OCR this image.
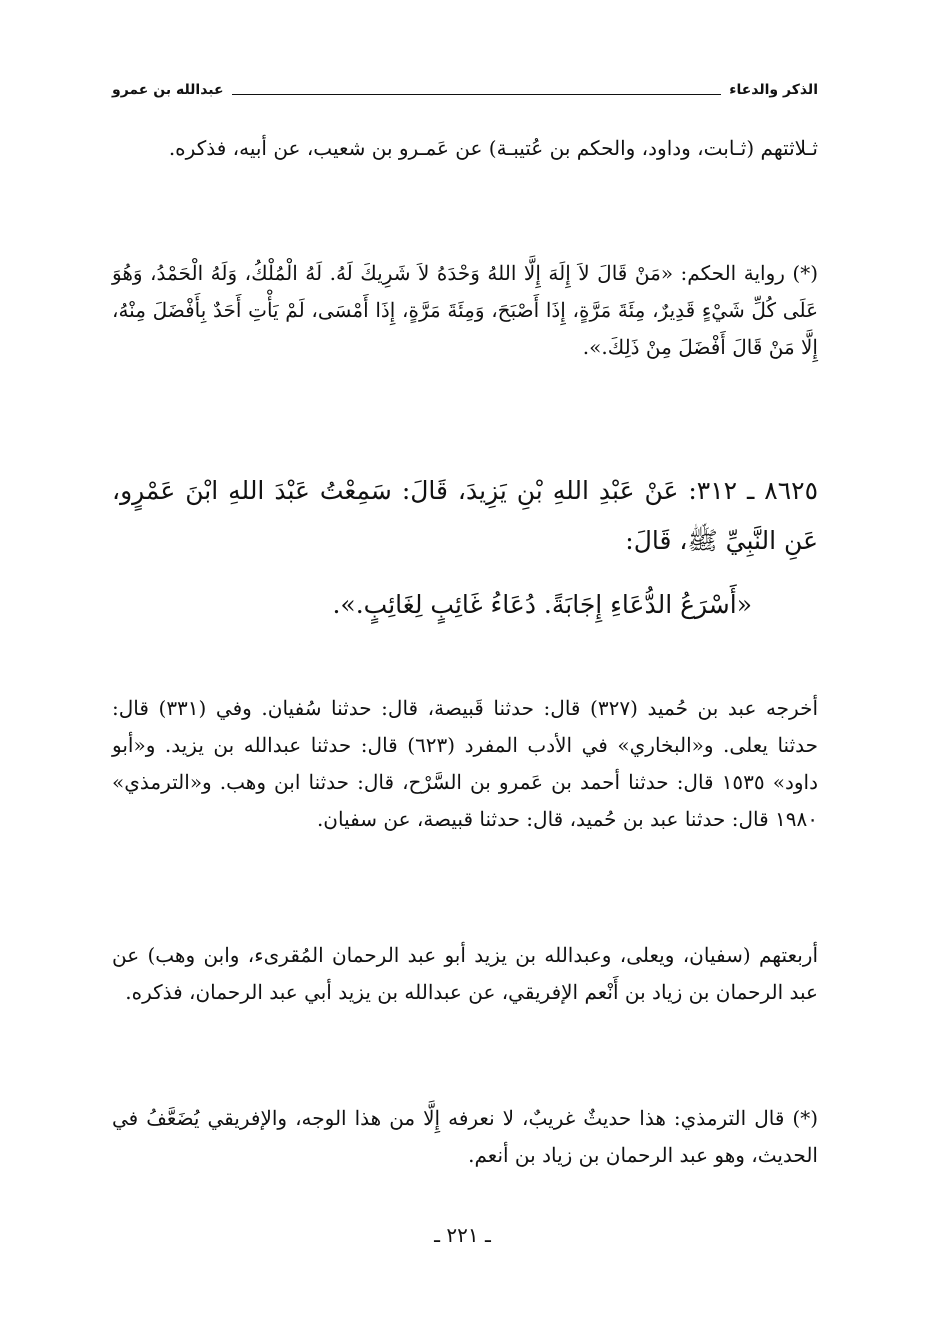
الذكر والدعاء
عبدالله بن عمرو

ثـلاثتهم (ثـابت، وداود، والحكم بن عُتيبـة) عن عَمـرو بن شعيب، عن أبيه، فذكره.

(*) رواية الحكم: «مَنْ قَالَ لاَ إِلَهَ إِلَّا اللهُ وَحْدَهُ لاَ شَرِيكَ لَهُ. لَهُ الْمُلْكُ، وَلَهُ الْحَمْدُ، وَهُوَ عَلَى كُلِّ شَيْءٍ قَدِيرٌ، مِئَةَ مَرَّةٍ، إِذَا أَصْبَحَ، وَمِئَةَ مَرَّةٍ، إِذَا أَمْسَى، لَمْ يَأْتِ أَحَدٌ بِأَفْضَلَ مِنْهُ، إِلَّا مَنْ قَالَ أَفْضَلَ مِنْ ذَلِكَ.».

٨٦٢٥ ـ ٣١٢: عَنْ عَبْدِ اللهِ بْنِ يَزِيدَ، قَالَ: سَمِعْتُ عَبْدَ اللهِ ابْنَ عَمْرٍو، عَنِ النَّبِيِّ ﷺ، قَالَ:

«أَسْرَعُ الدُّعَاءِ إِجَابَةً. دُعَاءُ غَائِبٍ لِغَائِبٍ.».

أخرجه عبد بن حُميد (٣٢٧) قال: حدثنا قَبيصة، قال: حدثنا سُفيان. وفي (٣٣١) قال: حدثنا يعلى. و«البخاري» في الأدب المفرد (٦٢٣) قال: حدثنا عبدالله بن يزيد. و«أبو داود» ١٥٣٥ قال: حدثنا أحمد بن عَمرو بن السَّرْح، قال: حدثنا ابن وهب. و«الترمذي» ١٩٨٠ قال: حدثنا عبد بن حُميد، قال: حدثنا قبيصة، عن سفيان.

أربعتهم (سفيان، ويعلى، وعبدالله بن يزيد أبو عبد الرحمان المُقرىء، وابن وهب) عن عبد الرحمان بن زياد بن أَنْعم الإفريقي، عن عبدالله بن يزيد أبي عبد الرحمان، فذكره.

(*) قال الترمذي: هذا حديثٌ غريبٌ، لا نعرفه إِلَّا من هذا الوجه، والإفريقي يُضَعَّفُ في الحديث، وهو عبد الرحمان بن زياد بن أنعم.

ـ ٢٢١ ـ
